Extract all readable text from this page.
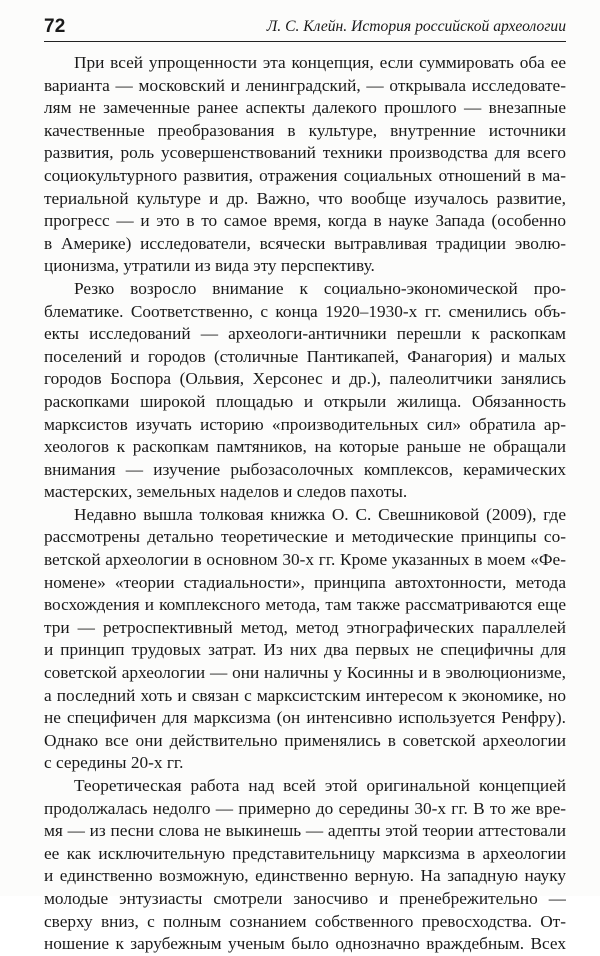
72	Л. С. Клейн. История российской археологии
При всей упрощенности эта концепция, если суммировать оба ее
варианта — московский и ленинградский, — открывала исследовате-
лям не замеченные ранее аспекты далекого прошлого — внезапные
качественные преобразования в культуре, внутренние источники
развития, роль усовершенствований техники производства для всего
социокультурного развития, отражения социальных отношений в ма-
териальной культуре и др. Важно, что вообще изучалось развитие,
прогресс — и это в то самое время, когда в науке Запада (особенно
в Америке) исследователи, всячески вытравливая традиции эволю-
ционизма, утратили из вида эту перспективу.
Резко возросло внимание к социально-экономической про-
блематике. Соответственно, с конца 1920–1930-х гг. сменились объ-
екты исследований — археологи-античники перешли к раскопкам
поселений и городов (столичные Пантикапей, Фанагория) и малых
городов Боспора (Ольвия, Херсонес и др.), палеолитчики занялись
раскопками широкой площадью и открыли жилища. Обязанность
марксистов изучать историю «производительных сил» обратила ар-
хеологов к раскопкам памтяников, на которые раньше не обращали
внимания — изучение рыбозасолочных комплексов, керамических
мастерских, земельных наделов и следов пахоты.
Недавно вышла толковая книжка О. С. Свешниковой (2009), где
рассмотрены детально теоретические и методические принципы со-
ветской археологии в основном 30-х гг. Кроме указанных в моем «Фе-
номене» «теории стадиальности», принципа автохтонности, метода
восхождения и комплексного метода, там также рассматриваются еще
три — ретроспективный метод, метод этнографических параллелей
и принцип трудовых затрат. Из них два первых не специфичны для
советской археологии — они наличны у Косинны и в эволюционизме,
а последний хоть и связан с марксистским интересом к экономике, но
не специфичен для марксизма (он интенсивно используется Ренфру).
Однако все они действительно применялись в советской археологии
с середины 20-х гг.
Теоретическая работа над всей этой оригинальной концепцией
продолжалась недолго — примерно до середины 30-х гг. В то же вре-
мя — из песни слова не выкинешь — адепты этой теории аттестовали
ее как исключительную представительницу марксизма в археологии
и единственно возможную, единственно верную. На западную науку
молодые энтузиасты смотрели заносчиво и пренебрежительно —
сверху вниз, с полным сознанием собственного превосходства. От-
ношение к зарубежным ученым было однозначно враждебным. Всех
